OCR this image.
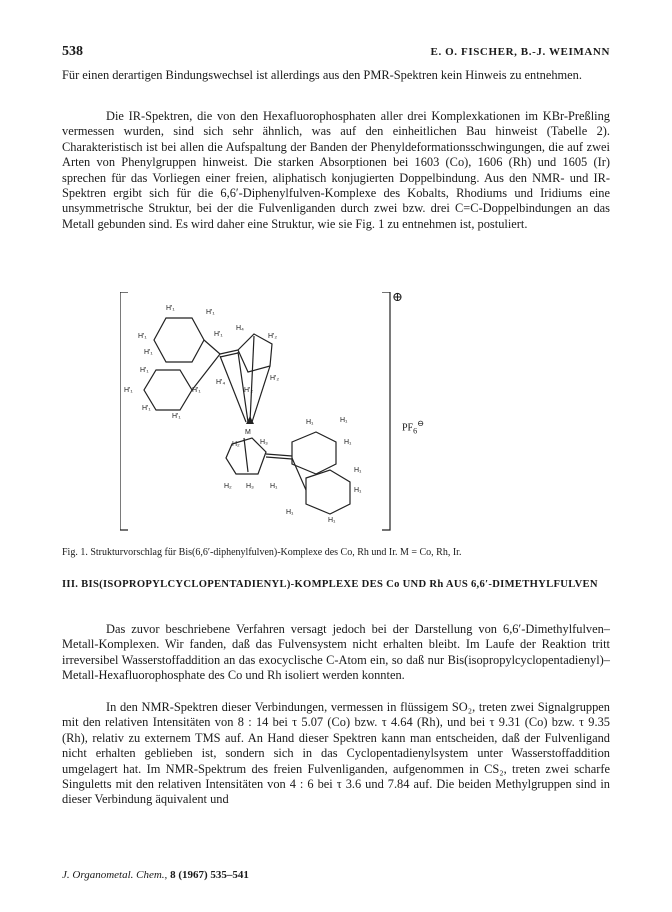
538	E. O. FISCHER, B.-J. WEIMANN

Für einen derartigen Bindungswechsel ist allerdings aus den PMR-Spektren kein Hinweis zu entnehmen.

Die IR-Spektren, die von den Hexafluorophosphaten aller drei Komplexkationen im KBr-Preßling vermessen wurden, sind sich sehr ähnlich, was auf den einheitlichen Bau hinweist (Tabelle 2). Charakteristisch ist bei allen die Aufspaltung der Banden der Phenyldeformationsschwingungen, die auf zwei Arten von Phenylgruppen hinweist. Die starken Absorptionen bei 1603 (Co), 1606 (Rh) und 1605 (Ir) sprechen für das Vorliegen einer freien, aliphatisch konjugierten Doppelbindung. Aus den NMR- und IR-Spektren ergibt sich für die 6,6′-Diphenylfulven-Komplexe des Kobalts, Rhodiums und Iridiums eine unsymmetrische Struktur, bei der die Fulvenliganden durch zwei bzw. drei C=C-Doppelbindungen an das Metall gebunden sind. Es wird daher eine Struktur, wie sie Fig. 1 zu entnehmen ist, postuliert.

M
H'₁
H'₁
H₄
H'₂
H'₁	H'₁
H'₁
H'₁
H'₁	H'₁
H'₂
H'₄
H'₂
H'₁
H'₁
H₁	H₁
H₁
H₂	H₃
H₁
H₁
H₂ H₃ H₁
H₁
H₁
⊕
$PF_6^⊖$
Fig. 1. Strukturvorschlag für Bis(6,6′-diphenylfulven)-Komplexe des Co, Rh und Ir. M = Co, Rh, Ir.
III. BIS(ISOPROPYLCYCLOPENTADIENYL)-KOMPLEXE DES Co UND Rh AUS 6,6′-DIMETHYLFULVEN

Das zuvor beschriebene Verfahren versagt jedoch bei der Darstellung von 6,6′-Dimethylfulven–Metall-Komplexen. Wir fanden, daß das Fulvensystem nicht erhalten bleibt. Im Laufe der Reaktion tritt irreversibel Wasserstoffaddition an das exocyclische C-Atom ein, so daß nur Bis(isopropylcyclopentadienyl)–Metall-Hexafluorophosphate des Co und Rh isoliert werden konnten.

In den NMR-Spektren dieser Verbindungen, vermessen in flüssigem SO₂, treten zwei Signalgruppen mit den relativen Intensitäten von 8 : 14 bei τ 5.07 (Co) bzw. τ 4.64 (Rh), und bei τ 9.31 (Co) bzw. τ 9.35 (Rh), relativ zu externem TMS auf. An Hand dieser Spektren kann man entscheiden, daß der Fulvenligand nicht erhalten geblieben ist, sondern sich in das Cyclopentadienylsystem unter Wasserstoffaddition umgelagert hat. Im NMR-Spektrum des freien Fulvenliganden, aufgenommen in CS₂, treten zwei scharfe Singuletts mit den relativen Intensitäten von 4 : 6 bei τ 3.6 und 7.84 auf. Die beiden Methylgruppen sind in dieser Verbindung äquivalent und

J. Organometal. Chem., 8 (1967) 535–541
